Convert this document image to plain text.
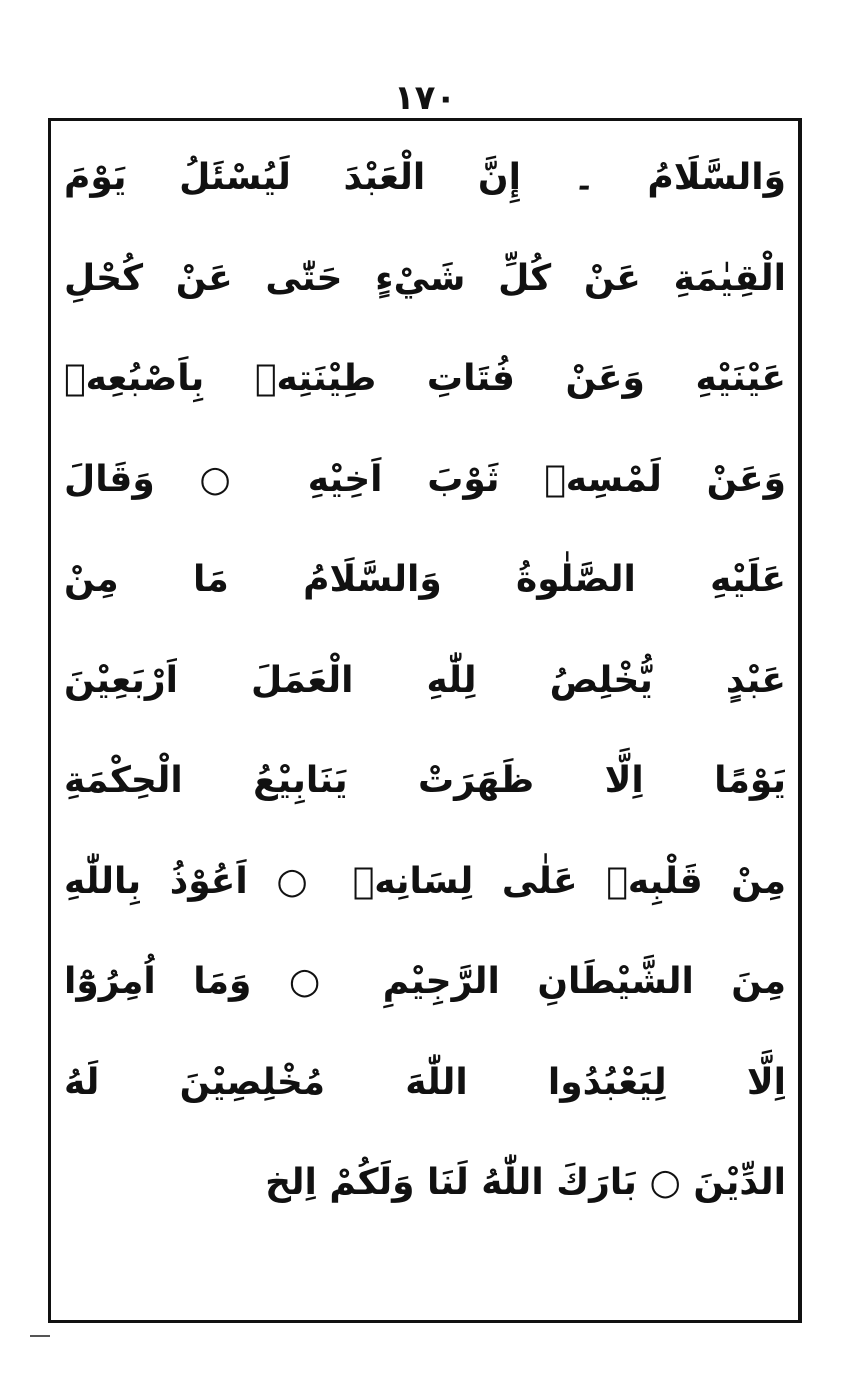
١٧٠
وَالسَّلَامُ ۔ إِنَّ الْعَبْدَ لَيُسْئَلُ يَوْمَ
الْقِيٰمَةِ عَنْ كُلِّ شَيْءٍ حَتّٰى عَنْ كُحْلِ
عَيْنَيْهِ وَعَنْ فُتَاتِ طِيْنَتِهٖ بِاَصْبُعِهٖ
وَعَنْ لَمْسِهٖ ثَوْبَ اَخِيْهِ ○ وَقَالَ
عَلَيْهِ الصَّلٰوةُ وَالسَّلَامُ مَا مِنْ
عَبْدٍ يُّخْلِصُ لِلّٰهِ الْعَمَلَ اَرْبَعِيْنَ
يَوْمًا اِلَّا ظَهَرَتْ يَنَابِيْعُ الْحِكْمَةِ
مِنْ قَلْبِهٖ عَلٰى لِسَانِهٖ ○ اَعُوْذُ بِاللّٰهِ
مِنَ الشَّيْطَانِ الرَّجِيْمِ ○ وَمَا اُمِرُوْٓا
اِلَّا لِيَعْبُدُوا اللّٰهَ مُخْلِصِيْنَ لَهُ
الدِّيْنَ ○ بَارَكَ اللّٰهُ لَنَا وَلَكُمْ اِلخ
